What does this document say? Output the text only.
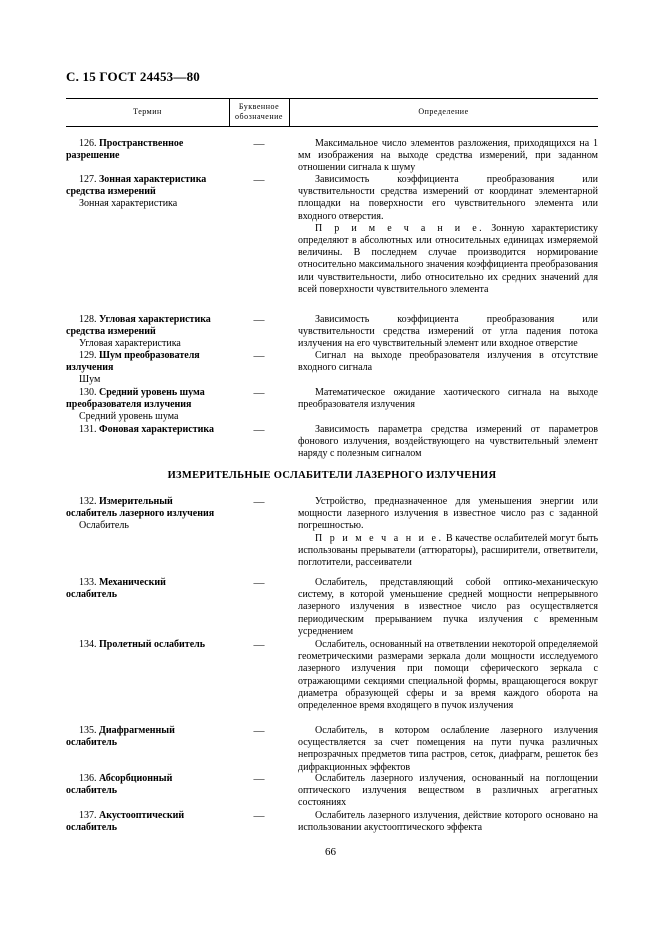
С. 15 ГОСТ 24453—80
Термин
Буквенное
обозначение
Определение
126. Пространственное разрешение
—	Максимальное число элементов разложения, приходящихся на 1 мм изображения на выходе средства измерений, при заданном отношении сигнала к шуму

127. Зонная характеристика средства измерений
Зонная характеристика
—	Зависимость коэффициента преобразования или чувствительности средства измерений от координат элементарной площадки на поверхности его чувствительного элемента или входного отверстия.

П р и м е ч а н и е. Зонную характеристику определяют в абсолютных или относительных единицах измеряемой величины. В последнем случае производится нормирование относительно максимального значения коэффициента преобразования или чувствительности, либо относительно их средних значений для всей поверхности чувствительного элемента

128. Угловая характеристика средства измерений
Угловая характеристика
—	Зависимость коэффициента преобразования или чувствительности средства измерений от угла падения потока излучения на его чувствительный элемент или входное отверстие

129. Шум преобразователя излучения
Шум
—	Сигнал на выходе преобразователя излучения в отсутствие входного сигнала

130. Средний уровень шума преобразователя излучения
Средний уровень шума
—	Математическое ожидание хаотического сигнала на выходе преобразователя излучения

131. Фоновая характеристика	—	Зависимость параметра средства измерений от параметров фонового излучения, воздействующего на чувствительный элемент наряду с полезным сигналом

ИЗМЕРИТЕЛЬНЫЕ ОСЛАБИТЕЛИ ЛАЗЕРНОГО ИЗЛУЧЕНИЯ
132. Измерительный ослабитель лазерного излучения
Ослабитель
—	Устройство, предназначенное для уменьшения энергии или мощности лазерного излучения в известное число раз с заданной погрешностью.

П р и м е ч а н и е. В качестве ослабителей могут быть использованы прерыватели (аттюраторы), расширители, ответвители, поглотители, рассеиватели

133. Механический ослабитель
—	Ослабитель, представляющий собой оптико-механическую систему, в которой уменьшение средней мощности непрерывного лазерного излучения в известное число раз осуществляется периодическим прерыванием пучка излучения с временным усреднением

134. Пролетный ослабитель	—	Ослабитель, основанный на ответвлении некоторой определяемой геометрическими размерами зеркала доли мощности исследуемого лазерного излучения при помощи сферического зеркала с отражающими секциями специальной формы, вращающегося вокруг диаметра образующей сферы и за время каждого оборота на определенное время входящего в пучок излучения

135. Диафрагменный ослабитель
—	Ослабитель, в котором ослабление лазерного излучения осуществляется за счет помещения на пути пучка различных непрозрачных предметов типа растров, сеток, диафрагм, решеток без дифракционных эффектов

136. Абсорбционный ослабитель
—	Ослабитель лазерного излучения, основанный на поглощении оптического излучения веществом в различных агрегатных состояниях

137. Акустооптический ослабитель
—	Ослабитель лазерного излучения, действие которого основано на использовании акустооптического эффекта

66
